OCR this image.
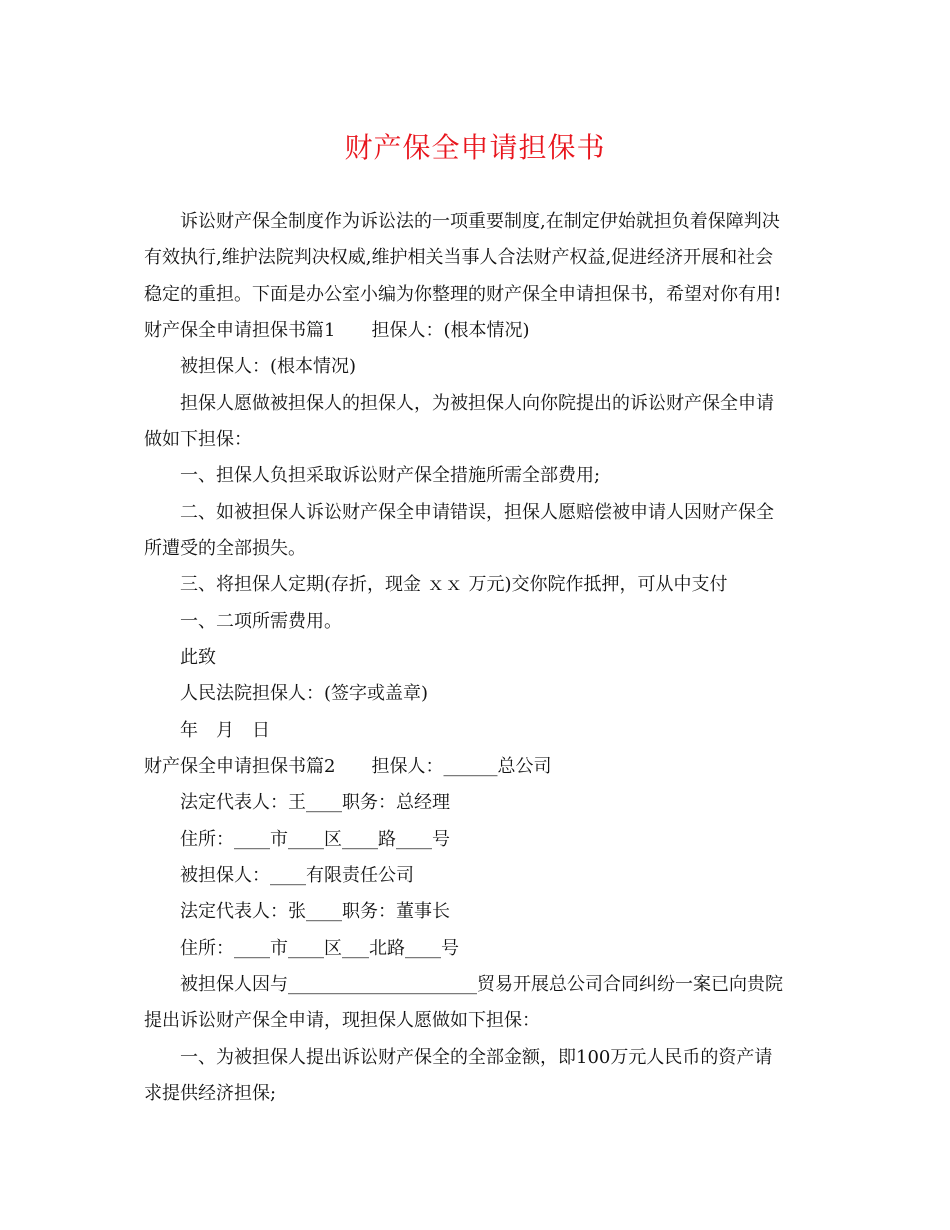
财产保全申请担保书
诉讼财产保全制度作为诉讼法的一项重要制度,在制定伊始就担负着保障判决
有效执行,维护法院判决权威,维护相关当事人合法财产权益,促进经济开展和社会
稳定的重担。下面是办公室小编为你整理的财产保全申请担保书，希望对你有用!
财产保全申请担保书篇1 担保人：(根本情况)
被担保人：(根本情况)
担保人愿做被担保人的担保人，为被担保人向你院提出的诉讼财产保全申请
做如下担保：
一、担保人负担采取诉讼财产保全措施所需全部费用;
二、如被担保人诉讼财产保全申请错误，担保人愿赔偿被申请人因财产保全
所遭受的全部损失。
三、将担保人定期(存折，现金 ｘｘ 万元)交你院作抵押，可从中支付
一、二项所需费用。
此致
人民法院担保人：(签字或盖章)
年　月　日
财产保全申请担保书篇2 担保人：______总公司
法定代表人：王____职务：总经理
住所：____市____区____路____号
被担保人：____有限责任公司
法定代表人：张____职务：董事长
住所：____市____区___北路____号
被担保人因与_____________________贸易开展总公司合同纠纷一案已向贵院
提出诉讼财产保全申请，现担保人愿做如下担保：
一、为被担保人提出诉讼财产保全的全部金额，即100万元人民币的资产请
求提供经济担保;
